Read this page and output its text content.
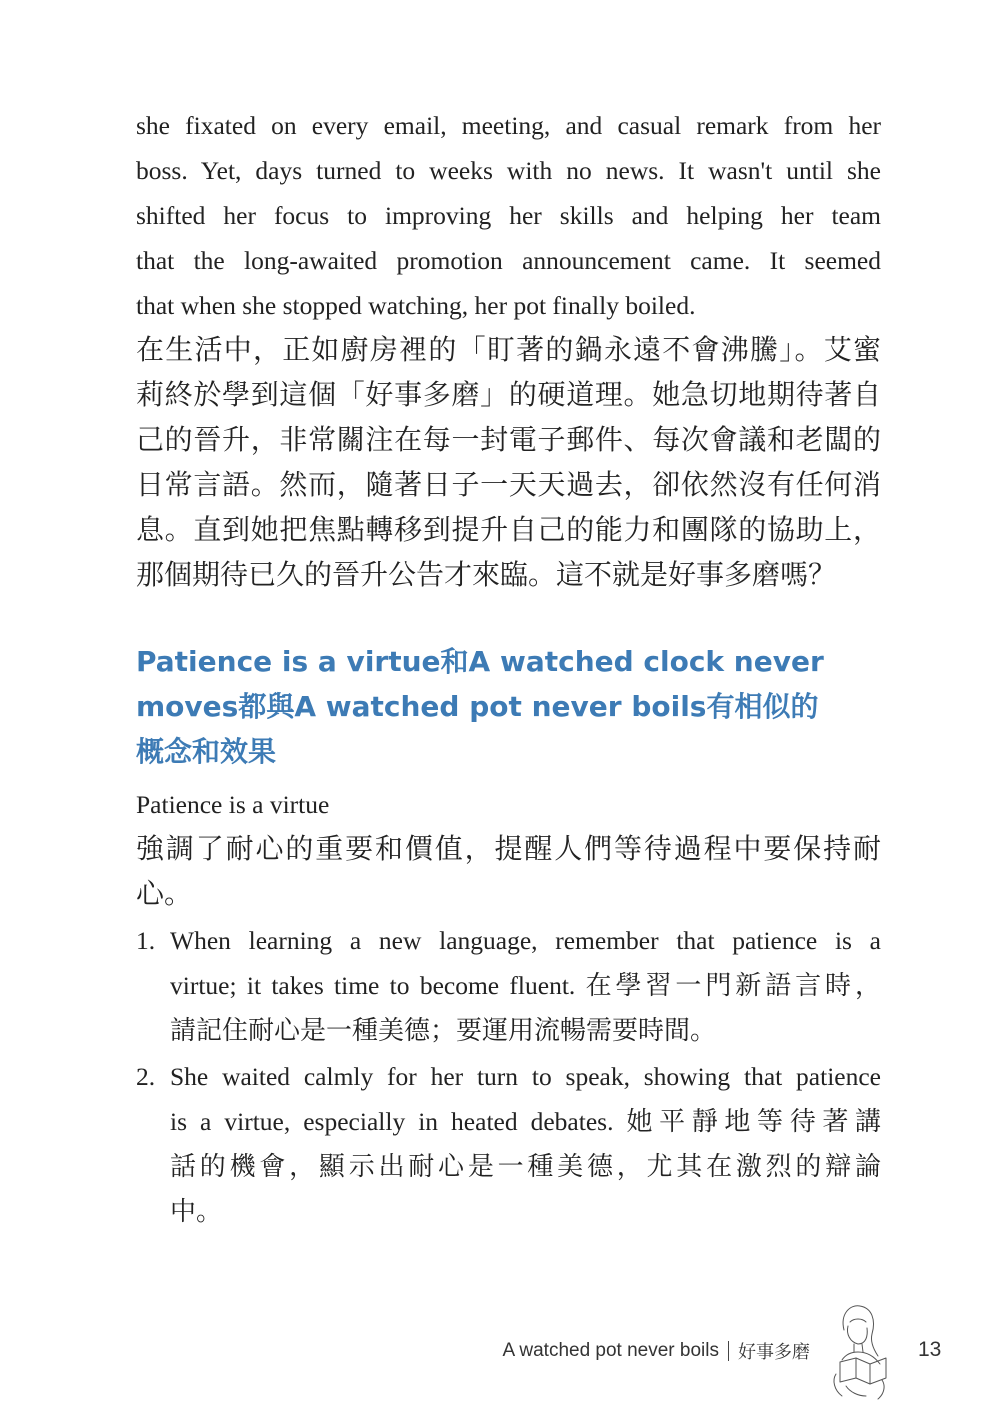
she fixated on every email, meeting, and casual remark from her
boss. Yet, days turned to weeks with no news. It wasn't until she
shifted her focus to improving her skills and helping her team
that the long-awaited promotion announcement came. It seemed
that when she stopped watching, her pot finally boiled.
在生活中，正如廚房裡的「盯著的鍋永遠不會沸騰」。艾蜜
莉終於學到這個「好事多磨」的硬道理。她急切地期待著自
己的晉升，非常關注在每一封電子郵件、每次會議和老闆的
日常言語。然而，隨著日子一天天過去，卻依然沒有任何消
息。直到她把焦點轉移到提升自己的能力和團隊的協助上，
那個期待已久的晉升公告才來臨。這不就是好事多磨嗎？
Patience is a virtue和A watched clock never
moves都與A watched pot never boils有相似的
概念和效果
Patience is a virtue
強調了耐心的重要和價值，提醒人們等待過程中要保持耐
心。
1. When learning a new language, remember that patience is a
virtue; it takes time to become fluent. 在學習一門新語言時，
請記住耐心是一種美德；要運用流暢需要時間。
2. She waited calmly for her turn to speak, showing that patience
is a virtue, especially in heated debates. 她平靜地等待著講
話的機會，顯示出耐心是一種美德，尤其在激烈的辯論
中。
A watched pot never boils 好事多磨	13
